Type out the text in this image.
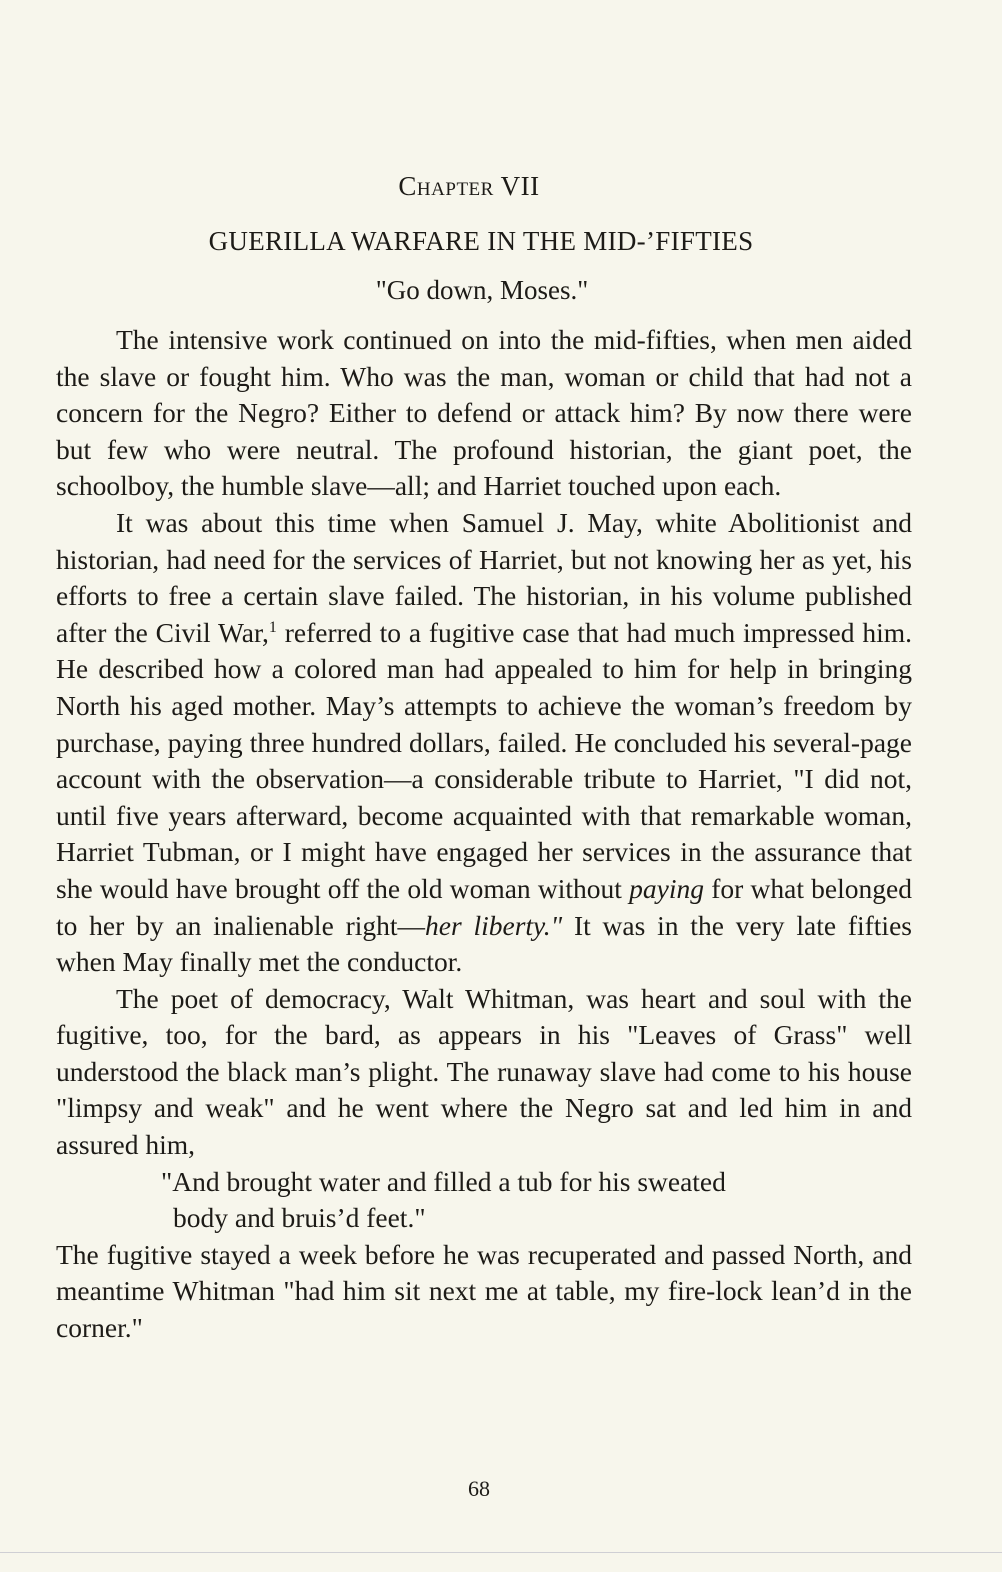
Chapter VII
GUERILLA WARFARE IN THE MID-’FIFTIES
"Go down, Moses."

The intensive work continued on into the mid-fifties, when men aided the slave or fought him. Who was the man, woman or child that had not a concern for the Negro? Either to defend or attack him? By now there were but few who were neutral. The profound historian, the giant poet, the schoolboy, the humble slave—all; and Harriet touched upon each.

It was about this time when Samuel J. May, white Abolitionist and historian, had need for the services of Harriet, but not knowing her as yet, his efforts to free a certain slave failed. The historian, in his volume published after the Civil War,$^1$ referred to a fugitive case that had much impressed him. He described how a colored man had appealed to him for help in bringing North his aged mother. May’s attempts to achieve the woman’s freedom by purchase, paying three hundred dollars, failed. He concluded his several-page account with the observation—a considerable tribute to Harriet, "I did not, until five years afterward, become acquainted with that remarkable woman, Harriet Tubman, or I might have engaged her services in the assurance that she would have brought off the old woman without paying for what belonged to her by an inalienable right—her liberty." It was in the very late fifties when May finally met the conductor.

The poet of democracy, Walt Whitman, was heart and soul with the fugitive, too, for the bard, as appears in his "Leaves of Grass" well understood the black man’s plight. The runaway slave had come to his house "limpsy and weak" and he went where the Negro sat and led him in and assured him,

"And brought water and filled a tub for his sweated
body and bruis’d feet."

The fugitive stayed a week before he was recuperated and passed North, and meantime Whitman "had him sit next me at table, my fire-lock lean’d in the corner."

68
